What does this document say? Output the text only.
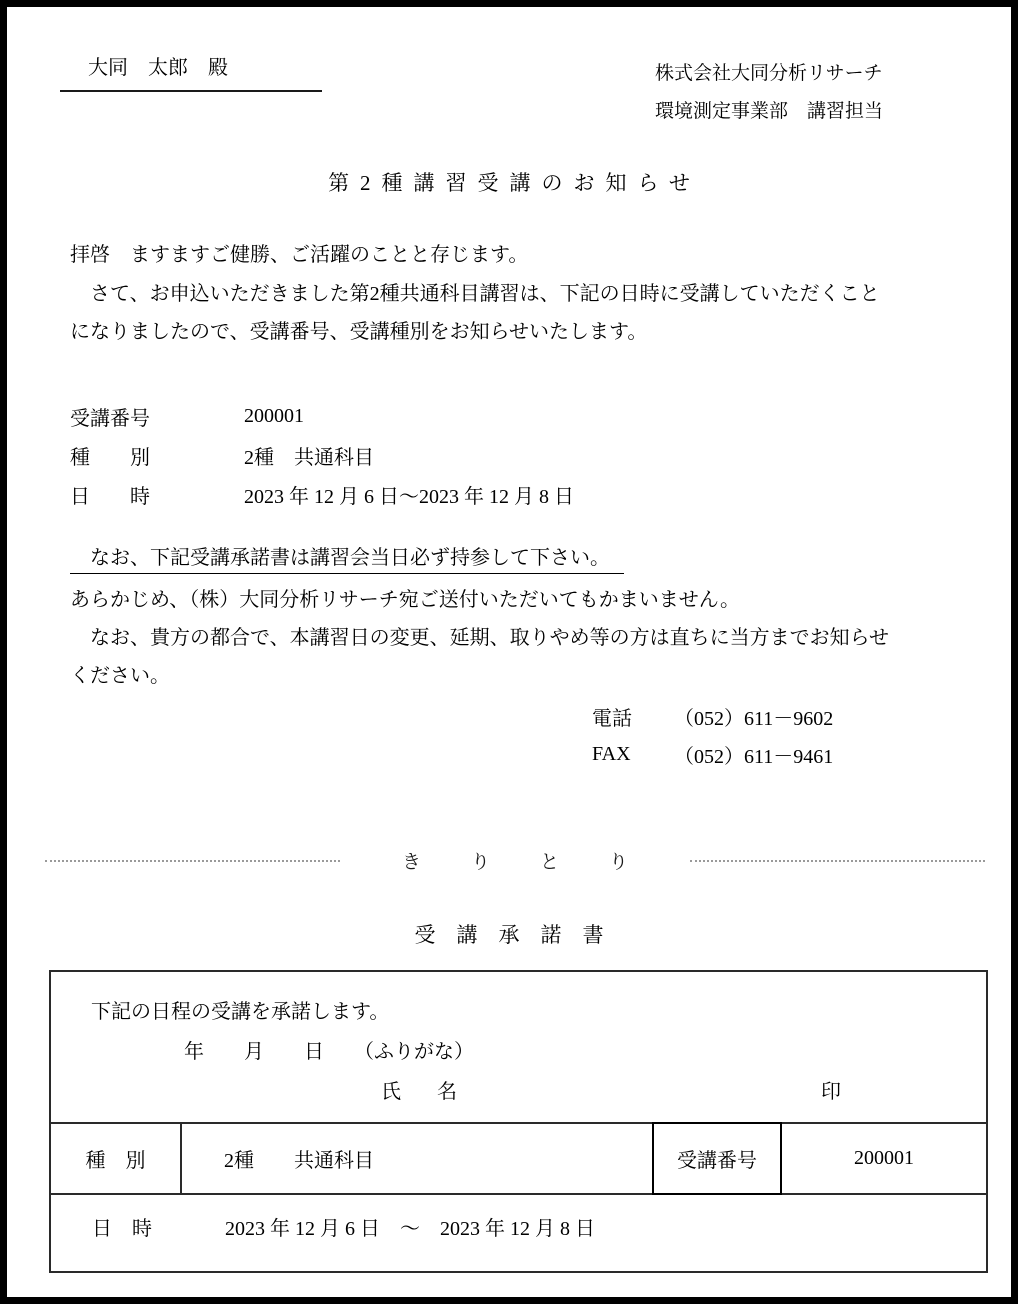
大同　太郎　殿	株式会社大同分析リサーチ
環境測定事業部　講習担当
第2種講習受講のお知らせ
拝啓　ますますご健勝、ご活躍のことと存じます。
　さて、お申込いただきました第2種共通科目講習は、下記の日時に受講していただくこと
になりましたので、受講番号、受講種別をお知らせいたします。
受講番号	200001
種　　別	2種　共通科目
日　　時	2023 年 12 月 6 日～2023 年 12 月 8 日
　なお、下記受講承諾書は講習会当日必ず持参して下さい。
あらかじめ、（株）大同分析リサーチ宛ご送付いただいてもかまいません。
　なお、貴方の都合で、本講習日の変更、延期、取りやめ等の方は直ちに当方までお知らせ
ください。
電話	（052）611－9602
FAX	（052）611－9461
きりとり
受　講　承　諾　書
下記の日程の受講を承諾します。
年　　月　　日　　（ふりがな）
氏　名	印
種　別	2種　　共通科目	受講番号	200001
日　時	2023 年 12 月 6 日　～　2023 年 12 月 8 日
